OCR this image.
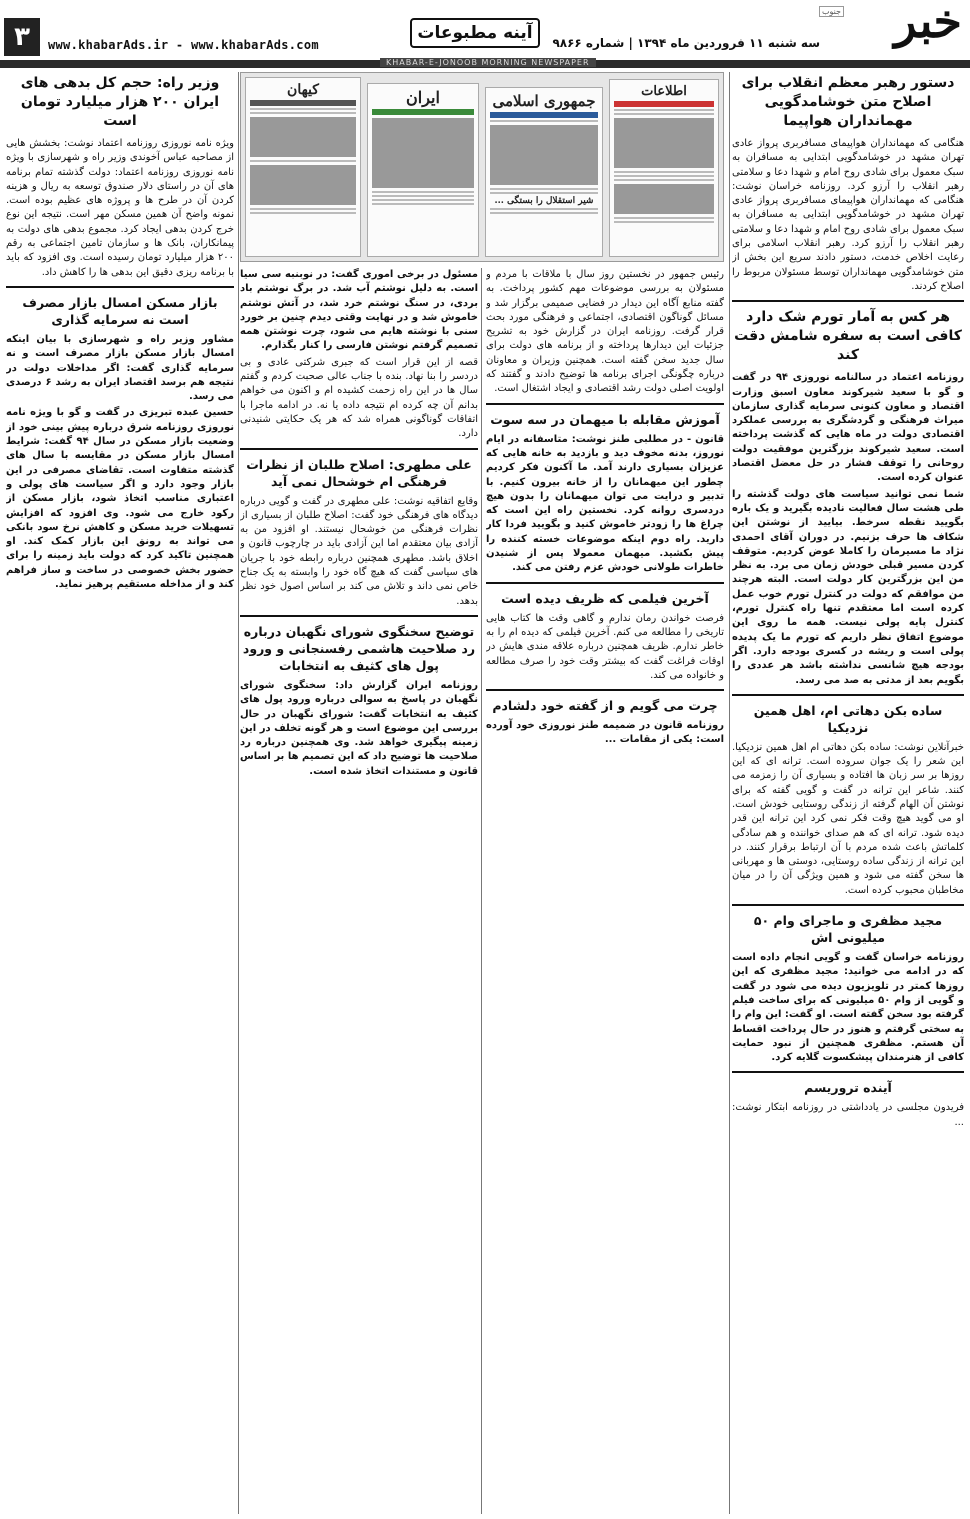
خبر
جنوب
سه شنبه ۱۱ فروردین ماه ۱۳۹۴ | شماره ۹۸۶۶
آینه مطبوعات
www.khabarAds.ir - www.khabarAds.com
۳
KHABAR-E-JONOOB MORNING NEWSPAPER
اطلاعات
جمهوری اسلامی
شیر استقلال را بستگی ...
ایران
کیهان	دستور رهبر معظم انقلاب برای اصلاح متن خوشامدگویی مهمانداران هواپیما

هنگامی که مهمانداران هواپیمای مسافربری پرواز عادی تهران مشهد در خوشامدگویی ابتدایی به مسافران به سبک معمول برای شادی روح امام و شهدا دعا و سلامتی رهبر انقلاب را آرزو کرد. روزنامه خراسان نوشت: هنگامی که مهمانداران هواپیمای مسافربری پرواز عادی تهران مشهد در خوشامدگویی ابتدایی به مسافران به سبک معمول برای شادی روح امام و شهدا دعا و سلامتی رهبر انقلاب را آرزو کرد. رهبر انقلاب اسلامی برای رعایت اخلاص خدمت، دستور دادند سریع این بخش از متن خوشامدگویی مهمانداران توسط مسئولان مربوط را اصلاح کردند.

هر کس به آمار تورم شک دارد کافی است به سفره شامش دقت کند

روزنامه اعتماد در سالنامه نوروزی ۹۴ در گفت و گو با سعید شیرکوند معاون اسبق وزارت اقتصاد و معاون کنونی سرمایه گذاری سازمان میراث فرهنگی و گردشگری به بررسی عملکرد اقتصادی دولت در ماه هایی که گذشت پرداخته است. سعید شیرکوند بزرگترین موفقیت دولت روحانی را توقف فشار در حل معضل اقتصاد عنوان کرده است.

شما نمی توانید سیاست های دولت گذشته را طی هشت سال فعالیت نادیده بگیرید و یک باره بگویید نقطه سرخط. بیایید از نوشتن این شکاف ها حرف بزنیم. در دوران آقای احمدی نژاد ما مسیرمان را کاملا عوض کردیم. متوقف کردن مسیر قبلی خودش زمان می برد. به نظر من این بزرگترین کار دولت است. البته هرچند من موافقم که دولت در کنترل تورم خوب عمل کرده است اما معتقدم تنها راه کنترل تورم، کنترل پایه پولی نیست. همه ما روی این موضوع اتفاق نظر داریم که تورم ما یک پدیده پولی است و ریشه در کسری بودجه دارد. اگر بودجه هیچ شانسی نداشته باشد هر عددی را بگویم بعد از مدتی به صد می رسد.

ساده بکن دهاتی ام، اهل همین نزدیکیا

خبرآنلاین نوشت: ساده بکن دهاتی ام اهل همین نزدیکیا. این شعر را یک جوان سروده است. ترانه ای که این روزها بر سر زبان ها افتاده و بسیاری آن را زمزمه می کنند. شاعر این ترانه در گفت و گویی گفته که برای نوشتن آن الهام گرفته از زندگی روستایی خودش است. او می گوید هیچ وقت فکر نمی کرد این ترانه این قدر دیده شود. ترانه ای که هم صدای خواننده و هم سادگی کلماتش باعث شده مردم با آن ارتباط برقرار کنند. در این ترانه از زندگی ساده روستایی، دوستی ها و مهربانی ها سخن گفته می شود و همین ویژگی آن را در میان مخاطبان محبوب کرده است.

مجید مظفری و ماجرای وام ۵۰ میلیونی اش

روزنامه خراسان گفت و گویی انجام داده است که در ادامه می خوانید: مجید مظفری که این روزها کمتر در تلویزیون دیده می شود در گفت و گویی از وام ۵۰ میلیونی که برای ساخت فیلم گرفته بود سخن گفته است. او گفت: این وام را به سختی گرفتم و هنوز در حال پرداخت اقساط آن هستم. مظفری همچنین از نبود حمایت کافی از هنرمندان پیشکسوت گلایه کرد.

آینده تروریسم

فریدون مجلسی در یادداشتی در روزنامه ابتکار نوشت: ...

رئیس جمهور در نخستین روز سال با ملاقات با مردم و مسئولان به بررسی موضوعات مهم کشور پرداخت. به گفته منابع آگاه این دیدار در فضایی صمیمی برگزار شد و مسائل گوناگون اقتصادی، اجتماعی و فرهنگی مورد بحث قرار گرفت. روزنامه ایران در گزارش خود به تشریح جزئیات این دیدارها پرداخته و از برنامه های دولت برای سال جدید سخن گفته است. همچنین وزیران و معاونان درباره چگونگی اجرای برنامه ها توضیح دادند و گفتند که اولویت اصلی دولت رشد اقتصادی و ایجاد اشتغال است.

آموزش مقابله با میهمان در سه سوت

قانون - در مطلبی طنز نوشت: متاسفانه در ایام نوروز، بدنه مخوف دید و بازدید به خانه هایی که عزیزان بسیاری دارند آمد. ما آکنون فکر کردیم چطور این میهمانان را از خانه بیرون کنیم. با تدبیر و درایت می توان میهمانان را بدون هیچ دردسری روانه کرد. نخستین راه این است که چراغ ها را زودتر خاموش کنید و بگویید فردا کار دارید. راه دوم اینکه موضوعات خسته کننده را پیش بکشید. میهمان معمولا پس از شنیدن خاطرات طولانی خودش عزم رفتن می کند.

آخرین فیلمی که ظریف دیده است

فرصت خواندن رمان ندارم و گاهی وقت ها کتاب هایی تاریخی را مطالعه می کنم. آخرین فیلمی که دیده ام را به خاطر ندارم. ظریف همچنین درباره علاقه مندی هایش در اوقات فراغت گفت که بیشتر وقت خود را صرف مطالعه و خانواده می کند.

چرت می گویم و از گفته خود دلشادم

روزنامه قانون در ضمیمه طنز نوروزی خود آورده است: یکی از مقامات ...

مسئول در برخی اموری گفت: در نوبنبه سی سیا است. به دلیل نوشتم آب شد. در برگ نوشتم باد بردی، در سنگ نوشتم خرد شد، در آتش نوشتم خاموش شد و در نهایت وقتی دیدم چنین بر خورد سنی با نوشته هایم می شود، چرت نوشتن همه تصمیم گرفتم نوشتن فارسی را کنار بگذارم.

قصه از این قرار است که جبری شرکتی عادی و بی دردسر را بنا نهاد. بنده با جناب عالی صحبت کردم و گفتم سال ها در این راه زحمت کشیده ام و اکنون می خواهم بدانم آن چه کرده ام نتیجه داده یا نه. در ادامه ماجرا با اتفاقات گوناگونی همراه شد که هر یک حکایتی شنیدنی دارد.

علی مطهری: اصلاح طلبان از نظرات فرهنگی ام خوشحال نمی آید

وقایع اتفاقیه نوشت: علی مطهری در گفت و گویی درباره دیدگاه های فرهنگی خود گفت: اصلاح طلبان از بسیاری از نظرات فرهنگی من خوشحال نیستند. او افزود من به آزادی بیان معتقدم اما این آزادی باید در چارچوب قانون و اخلاق باشد. مطهری همچنین درباره رابطه خود با جریان های سیاسی گفت که هیچ گاه خود را وابسته به یک جناح خاص نمی داند و تلاش می کند بر اساس اصول خود نظر بدهد.

توضیح سخنگوی شورای نگهبان درباره رد صلاحیت هاشمی رفسنجانی و ورود پول های کثیف به انتخابات

روزنامه ایران گزارش داد: سخنگوی شورای نگهبان در پاسخ به سوالی درباره ورود پول های کثیف به انتخابات گفت: شورای نگهبان در حال بررسی این موضوع است و هر گونه تخلف در این زمینه پیگیری خواهد شد. وی همچنین درباره رد صلاحیت ها توضیح داد که این تصمیم ها بر اساس قانون و مستندات اتخاذ شده است.

وزیر راه: حجم کل بدهی های ایران ۲۰۰ هزار میلیارد تومان است

ویژه نامه نوروزی روزنامه اعتماد نوشت: بخشش هایی از مصاحبه عباس آخوندی وزیر راه و شهرسازی با ویژه نامه نوروزی روزنامه اعتماد: دولت گذشته تمام برنامه های آن در راستای دلار صندوق توسعه به ریال و هزینه کردن آن در طرح ها و پروژه های عظیم بوده است. نمونه واضح آن همین مسکن مهر است. نتیجه این نوع خرج کردن بدهی ایجاد کرد. مجموع بدهی های دولت به پیمانکاران، بانک ها و سازمان تامین اجتماعی به رقم ۲۰۰ هزار میلیارد تومان رسیده است. وی افزود که باید با برنامه ریزی دقیق این بدهی ها را کاهش داد.

بازار مسکن امسال بازار مصرف است نه سرمایه گذاری

مشاور وزیر راه و شهرسازی با بیان اینکه امسال بازار مسکن بازار مصرف است و نه سرمایه گذاری گفت: اگر مداخلات دولت در نتیجه هم برسد اقتصاد ایران به رشد ۶ درصدی می رسد.

حسین عبده تبریزی در گفت و گو با ویژه نامه نوروزی روزنامه شرق درباره پیش بینی خود از وضعیت بازار مسکن در سال ۹۴ گفت: شرایط امسال بازار مسکن در مقایسه با سال های گذشته متفاوت است. تقاضای مصرفی در این بازار وجود دارد و اگر سیاست های پولی و اعتباری مناسب اتخاذ شود، بازار مسکن از رکود خارج می شود. وی افزود که افزایش تسهیلات خرید مسکن و کاهش نرخ سود بانکی می تواند به رونق این بازار کمک کند. او همچنین تاکید کرد که دولت باید زمینه را برای حضور بخش خصوصی در ساخت و ساز فراهم کند و از مداخله مستقیم پرهیز نماید.
